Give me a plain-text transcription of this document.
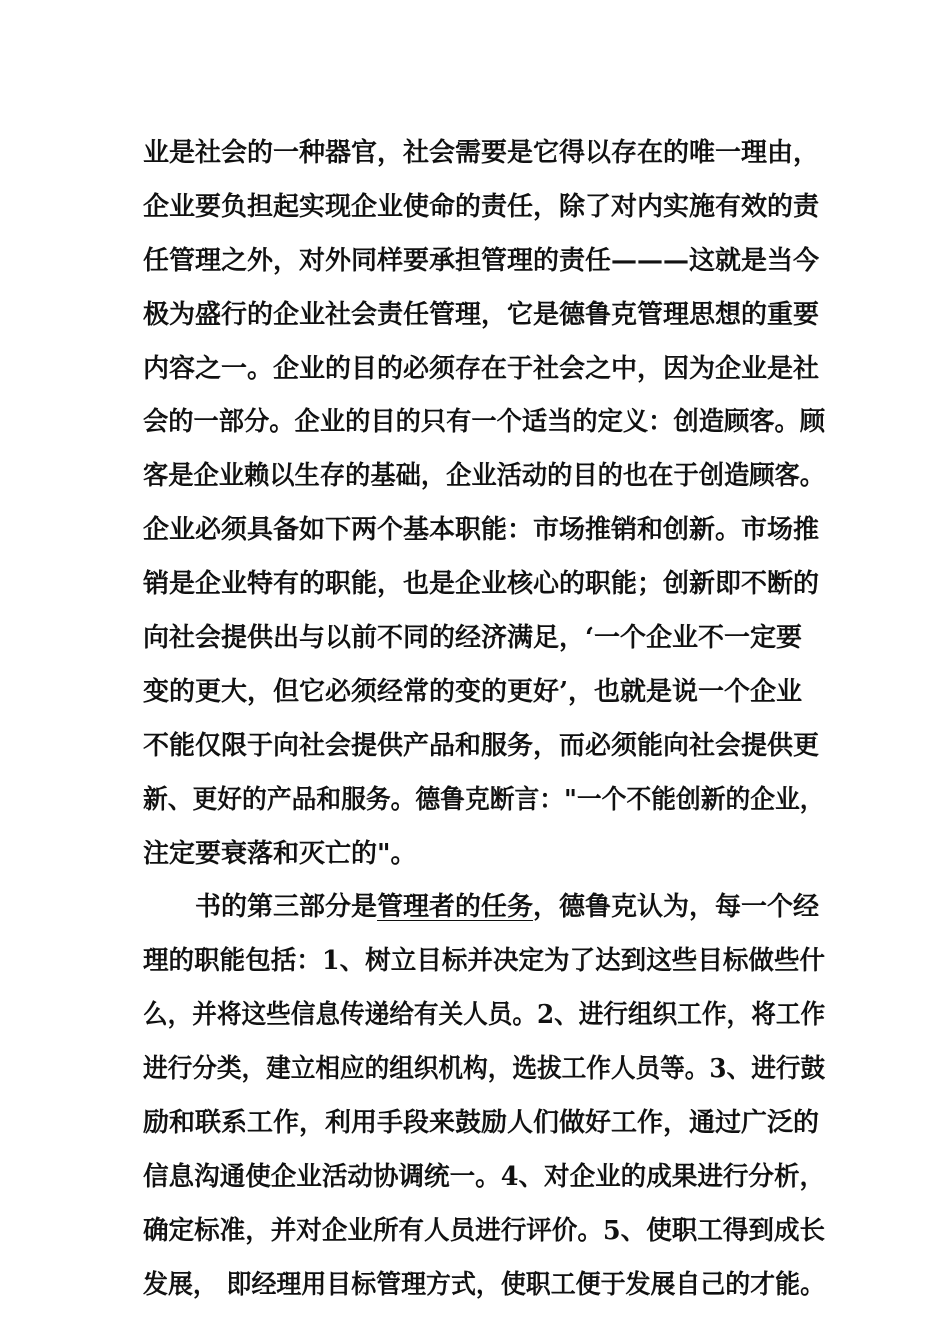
业是社会的一种器官，社会需要是它得以存在的唯一理由，
企业要负担起实现企业使命的责任，除了对内实施有效的责
任管理之外，对外同样要承担管理的责任———这就是当今
极为盛行的企业社会责任管理，它是德鲁克管理思想的重要
内容之一。企业的目的必须存在于社会之中，因为企业是社
会的一部分。企业的目的只有一个适当的定义：创造顾客。顾
客是企业赖以生存的基础，企业活动的目的也在于创造顾客。
企业必须具备如下两个基本职能：市场推销和创新。市场推
销是企业特有的职能，也是企业核心的职能；创新即不断的
向社会提供出与以前不同的经济满足，‘一个企业不一定要
变的更大，但它必须经常的变的更好’，也就是说一个企业
不能仅限于向社会提供产品和服务，而必须能向社会提供更
新、更好的产品和服务。德鲁克断言："一个不能创新的企业，
注定要衰落和灭亡的"。
书的第三部分是管理者的任务，德鲁克认为，每一个经
理的职能包括：1、树立目标并决定为了达到这些目标做些什
么，并将这些信息传递给有关人员。2、进行组织工作，将工作
进行分类，建立相应的组织机构，选拔工作人员等。3、进行鼓
励和联系工作，利用手段来鼓励人们做好工作，通过广泛的
信息沟通使企业活动协调统一。4、对企业的成果进行分析，
确定标准，并对企业所有人员进行评价。5、使职工得到成长
发展， 即经理用目标管理方式，使职工便于发展自己的才能。
